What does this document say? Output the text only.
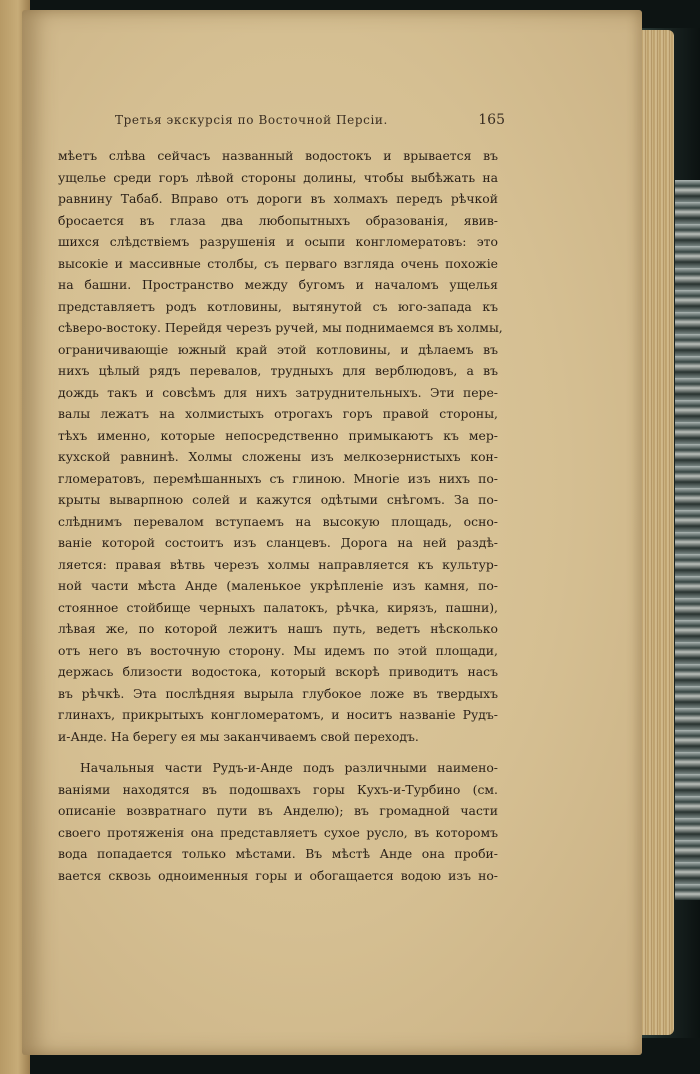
Третья экскурсія по Восточной Персіи.	165
мѣетъ слѣва сейчасъ названный водостокъ и врывается въ
ущелье среди горъ лѣвой стороны долины, чтобы выбѣжать на
равнину Табаб. Вправо отъ дороги въ холмахъ передъ рѣчкой бросается въ глаза два любопытныхъ образованія, явив-
шихся слѣдствіемъ разрушенія и осыпи конгломератовъ: это
высокіе и массивные столбы, съ перваго взгляда очень похожіе
на башни. Пространство между бугомъ и началомъ ущелья
представляетъ родъ котловины, вытянутой съ юго-запада къ
сѣверо-востоку. Перейдя черезъ ручей, мы поднимаемся въ холмы,
ограничивающіе южный край этой котловины, и дѣлаемъ въ
нихъ цѣлый рядъ перевалов, трудныхъ для верблюдовъ, а въ
дождь такъ и совсѣмъ для нихъ затруднительныхъ. Эти пере-
валы лежатъ на холмистыхъ отрогахъ горъ правой стороны,
тѣхъ именно, которые непосредственно примыкаютъ къ мер-
кухской равнинѣ. Холмы сложены изъ мелкозернистыхъ кон-
гломератовъ, перемѣшанныхъ съ глиною. Многіе изъ нихъ по-
крыты выварпною солей и кажутся одѣтыми снѣгомъ. За по-
слѣднимъ перевалом вступаемъ на высокую площадь, осно-
ваніе которой состоитъ изъ сланцевъ. Дорога на ней раздѣ-
ляется: правая вѣтвь черезъ холмы направляется къ культур-
ной части мѣста Анде (маленькое укрѣпленіе изъ камня, по-
стоянное стойбище черныхъ палатокъ, рѣчка, кирязъ, пашни),
лѣвая же, по которой лежитъ нашъ путь, ведетъ нѣсколько
отъ него въ восточную сторону. Мы идемъ по этой площади,
держась близости водостока, который вскорѣ приводитъ насъ
въ рѣчкѣ. Эта послѣдняя вырыла глубокое ложе въ твердыхъ
глинахъ, прикрытыхъ конгломератомъ, и носитъ названіе Рудъ-
и-Анде. На берегу ея мы заканчиваемъ свой переходъ.
Начальныя части Рудъ-и-Анде подъ различными наимено-
ваніями находятся въ подошвахъ горы Кухъ-и-Турбино (см.
описаніе возвратнаго пути въ Анделю); въ громадной части
своего протяженія она представляетъ сухое русло, въ которомъ
вода попадается только мѣстами. Въ мѣстѣ Анде она проби-
вается сквозь одноименныя горы и обогащается водою изъ но-
